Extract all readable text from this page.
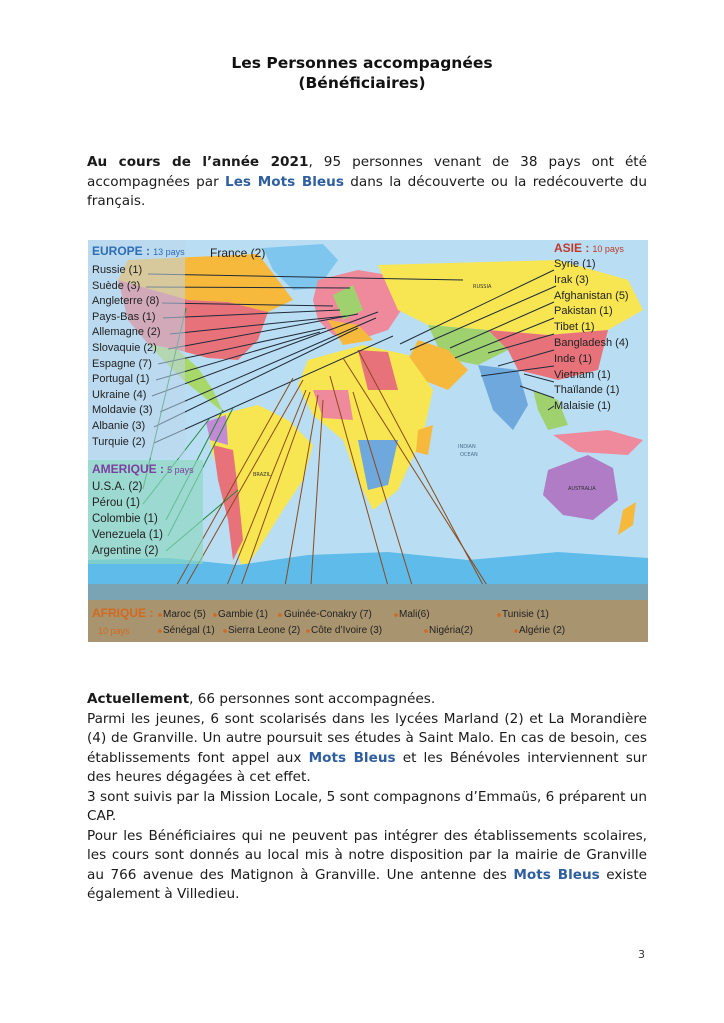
Les Personnes accompagnées
(Bénéficiaires)
Au cours de l’année 2021, 95 personnes venant de 38 pays ont été accompagnées par Les Mots Bleus dans la découverte ou la redécouverte du français.
RUSSIA
BRAZIL
AUSTRALIA
INDIAN
OCEAN
EUROPE : 13 pays France (2)
Russie (1)
Suède (3)
Angleterre (8)
Pays-Bas (1)
Allemagne (2)
Slovaquie (2)
Espagne (7)
Portugal (1)
Ukraine (4)
Moldavie (3)
Albanie (3)
Turquie (2)
AMERIQUE : 5 pays
U.S.A. (2)
Pérou (1)
Colombie (1)
Venezuela (1)
Argentine (2)
ASIE : 10 pays
Syrie (1)
Irak (3)
Afghanistan (5)
Pakistan (1)
Tibet (1)
Bangladesh (4)
Inde (1)
Vietnam (1)
Thaïlande (1)
Malaisie (1)
AFRIQUE :
10 pays
Maroc (5) Gambie (1) Guinée-Conakry (7)	Mali(6)	Tunisie (1)
Sénégal (1) Sierra Leone (2) Côte d’Ivoire (3)	Nigéria(2)	Algérie (2)
Actuellement, 66 personnes sont accompagnées.
Parmi les jeunes, 6 sont scolarisés dans les lycées Marland (2) et La Morandière (4) de Granville. Un autre poursuit ses études à Saint Malo. En cas de besoin, ces établissements font appel aux Mots Bleus et les Bénévoles interviennent sur des heures dégagées à cet effet.
3 sont suivis par la Mission Locale, 5 sont compagnons d’Emmaüs, 6 préparent un CAP.
Pour les Bénéficiaires qui ne peuvent pas intégrer des établissements scolaires, les cours sont donnés au local mis à notre disposition par la mairie de Granville au 766 avenue des Matignon à Granville. Une antenne des Mots Bleus existe également à Villedieu.
3
